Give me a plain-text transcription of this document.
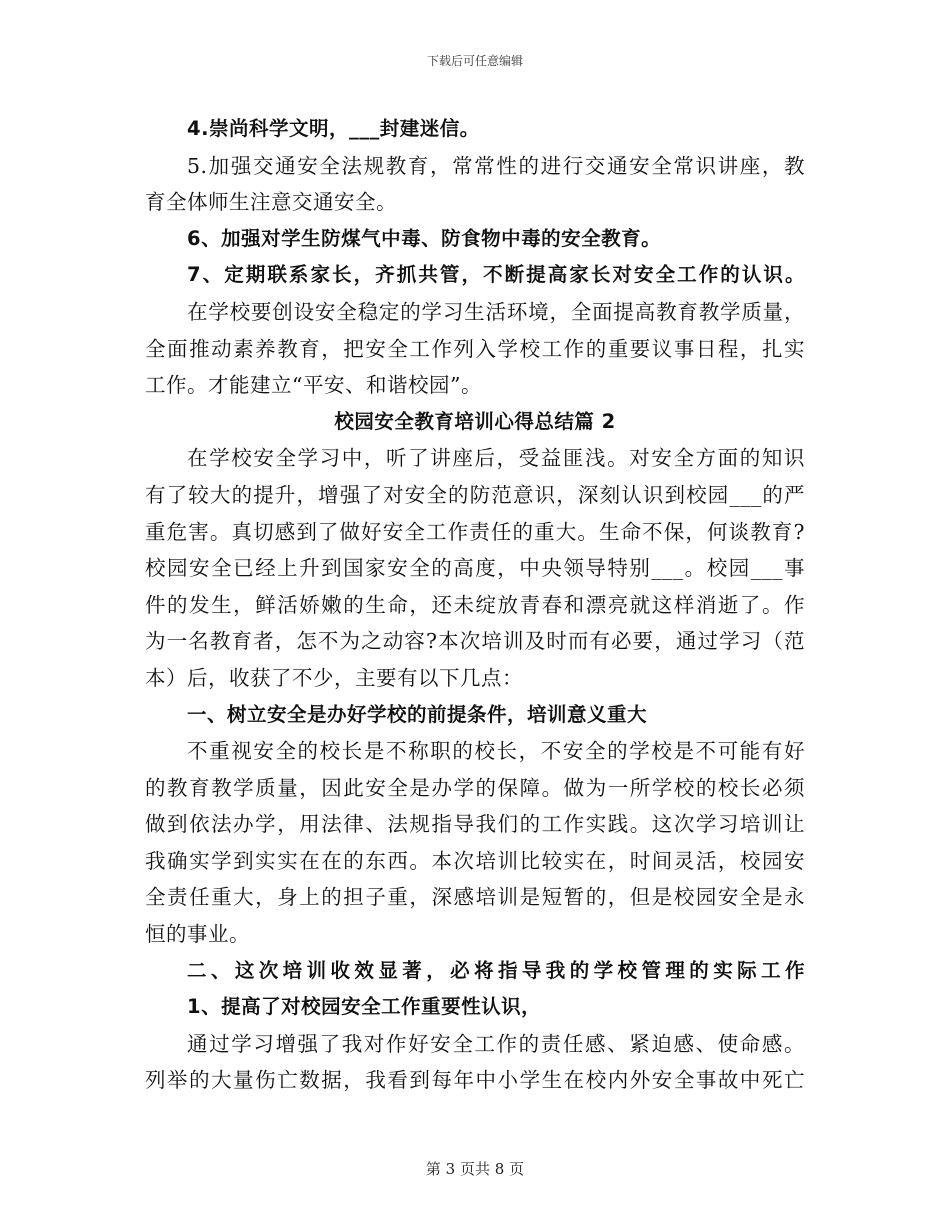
下载后可任意编辑
4.崇尚科学文明，___封建迷信。
5.加强交通安全法规教育，常常性的进行交通安全常识讲座，教
育全体师生注意交通安全。
6、加强对学生防煤气中毒、防食物中毒的安全教育。
7、定期联系家长，齐抓共管，不断提高家长对安全工作的认识。
在学校要创设安全稳定的学习生活环境，全面提高教育教学质量，
全面推动素养教育，把安全工作列入学校工作的重要议事日程，扎实
工作。才能建立“平安、和谐校园”。
校园安全教育培训心得总结篇 2
在学校安全学习中，听了讲座后，受益匪浅。对安全方面的知识
有了较大的提升，增强了对安全的防范意识，深刻认识到校园___的严
重危害。真切感到了做好安全工作责任的重大。生命不保，何谈教育?
校园安全已经上升到国家安全的高度，中央领导特别___。校园___事
件的发生，鲜活娇嫩的生命，还未绽放青春和漂亮就这样消逝了。作
为一名教育者，怎不为之动容?本次培训及时而有必要，通过学习（范
本）后，收获了不少，主要有以下几点：
一、树立安全是办好学校的前提条件，培训意义重大
不重视安全的校长是不称职的校长，不安全的学校是不可能有好
的教育教学质量，因此安全是办学的保障。做为一所学校的校长必须
做到依法办学，用法律、法规指导我们的工作实践。这次学习培训让
我确实学到实实在在的东西。本次培训比较实在，时间灵活，校园安
全责任重大，身上的担子重，深感培训是短暂的，但是校园安全是永
恒的事业。
二、这次培训收效显著，必将指导我的学校管理的实际工作
1、提高了对校园安全工作重要性认识，
通过学习增强了我对作好安全工作的责任感、紧迫感、使命感。
列举的大量伤亡数据，我看到每年中小学生在校内外安全事故中死亡
第 3 页共 8 页
